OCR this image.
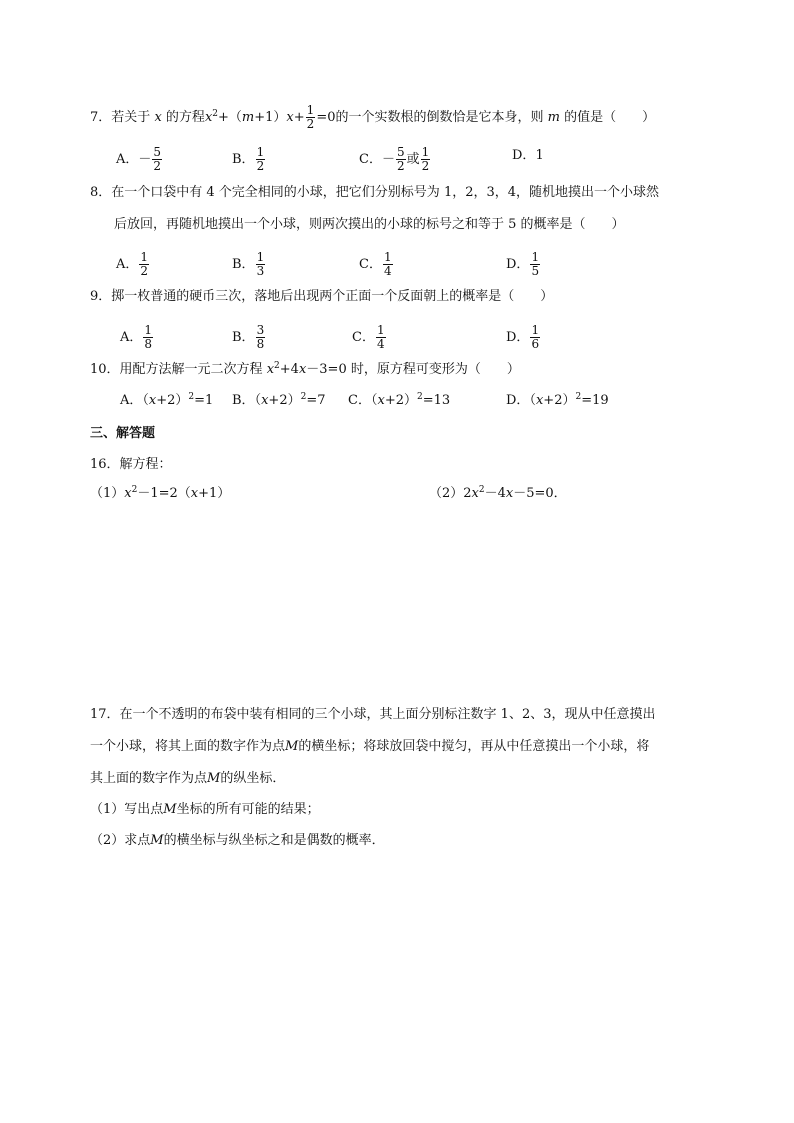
7．若关于 x 的方程$x^2+(m+1)x+ \frac{1}{2} =0$的一个实数根的倒数恰是它本身，则 m 的值是（　　）
A．－ $\frac{5}{2}$	B． $\frac{1}{2}$	C．－ $\frac{5}{2}$ 或 $\frac{1}{2}$	D．1
8．在一个口袋中有 4 个完全相同的小球，把它们分别标号为 1，2，3，4，随机地摸出一个小球然
后放回，再随机地摸出一个小球，则两次摸出的小球的标号之和等于 5 的概率是（　　）
A． $\frac{1}{2}$	B． $\frac{1}{3}$	C． $\frac{1}{4}$	D． $\frac{1}{5}$
9．掷一枚普通的硬币三次，落地后出现两个正面一个反面朝上的概率是（　　）
A． $\frac{1}{8}$	B． $\frac{3}{8}$	C． $\frac{1}{4}$	D． $\frac{1}{6}$
10．用配方法解一元二次方程 $x^2+4x-3=0$ 时，原方程可变形为（　　）
A．$(x+2)^2=1$ B．$(x+2)^2=7$ C．$(x+2)^2=13$	D．$(x+2)^2=19$
三、解答题
16．解方程：
$(1)x^2-1=2(x+1)$	$(2)2x^2-4x-5=0$．
17．在一个不透明的布袋中装有相同的三个小球，其上面分别标注数字 1、2、3，现从中任意摸出
一个小球，将其上面的数字作为点M的横坐标；将球放回袋中搅匀，再从中任意摸出一个小球，将
其上面的数字作为点M的纵坐标．
（1）写出点M坐标的所有可能的结果；
（2）求点M的横坐标与纵坐标之和是偶数的概率．
